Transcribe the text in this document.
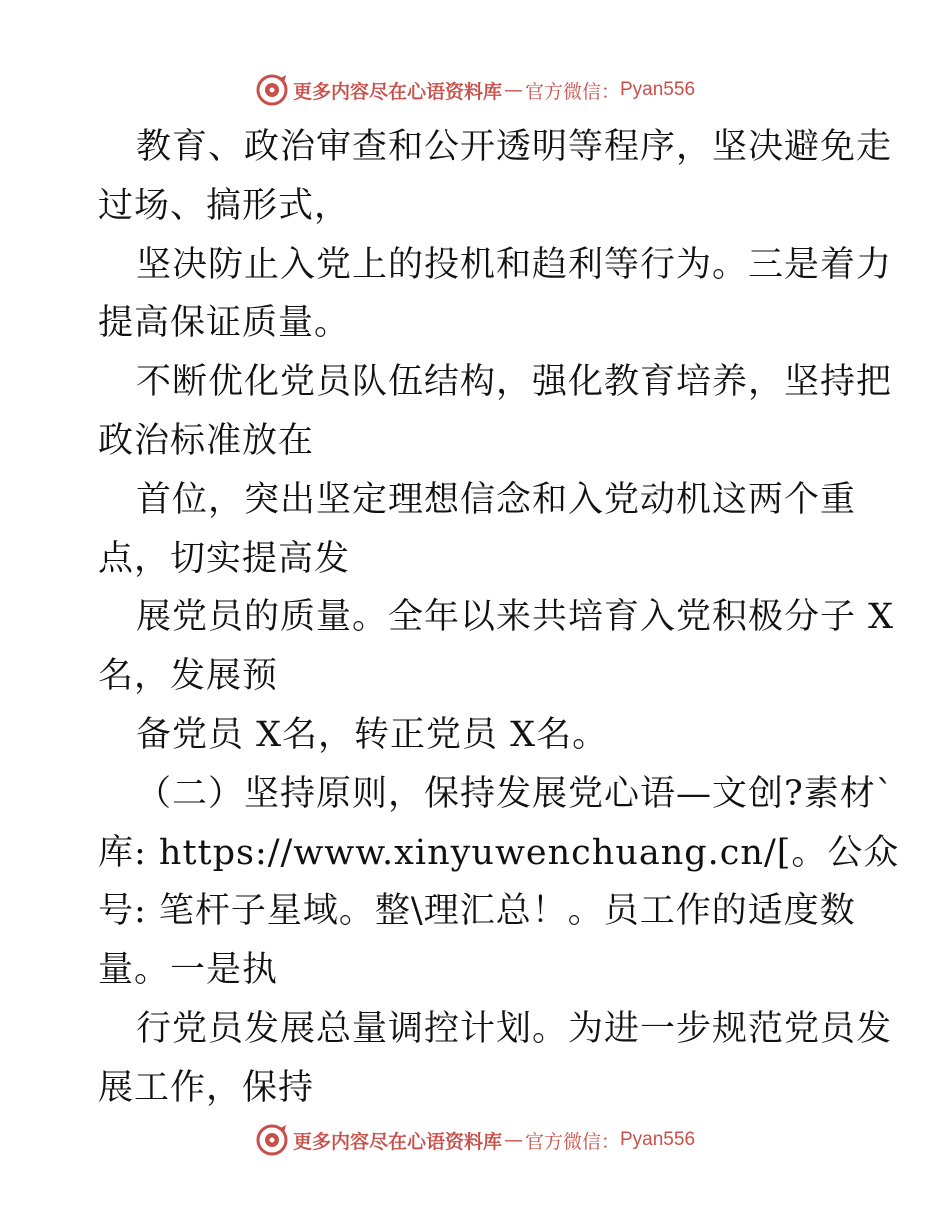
更多内容尽在心语资料库 — 官方微信： Pyan556
教育、政治审查和公开透明等程序，坚决避免走
过场、搞形式，
坚决防止入党上的投机和趋利等行为。三是着力
提高保证质量。
不断优化党员队伍结构，强化教育培养，坚持把
政治标准放在
首位，突出坚定理想信念和入党动机这两个重
点，切实提高发
展党员的质量。全年以来共培育入党积极分子 X
名，发展预
备党员 X名，转正党员 X名。
（二）坚持原则，保持发展党心语—文创?素材`
库: https://www.xinyuwenchuang.cn/[。公众
号: 笔杆子星域。整\理汇总！。员工作的适度数
量。一是执
行党员发展总量调控计划。为进一步规范党员发
展工作，保持
更多内容尽在心语资料库 — 官方微信： Pyan556
